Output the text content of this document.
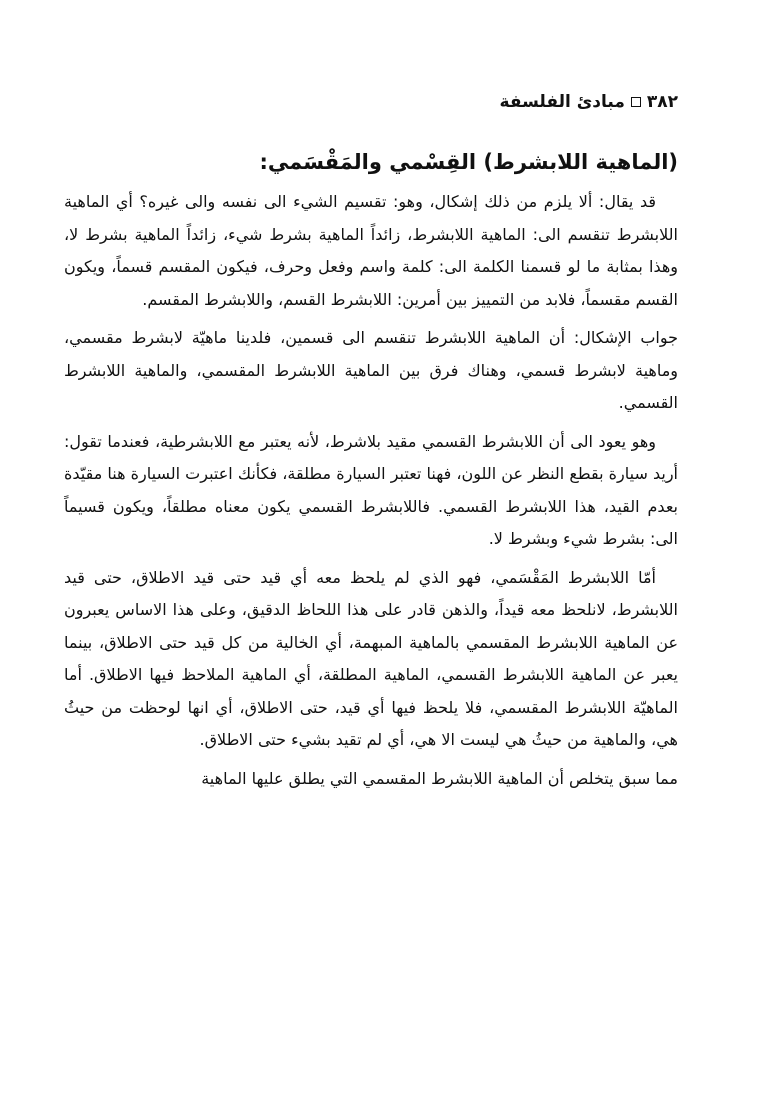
٣٨٢
مبادئ الفلسفة
(الماهية اللابشرط) القِسْمي والمَقْسَمي:

قد يقال: ألا يلزم من ذلك إشكال، وهو: تقسيم الشيء الى نفسه والى غيره؟ أي الماهية اللابشرط تنقسم الى: الماهية اللابشرط، زائداً الماهية بشرط شيء، زائداً الماهية بشرط لا، وهذا بمثابة ما لو قسمنا الكلمة الى: كلمة واسم وفعل وحرف، فيكون المقسم قسماً، ويكون القسم مقسماً، فلابد من التمييز بين أمرين: اللابشرط القسم، واللابشرط المقسم.

جواب الإشكال: أن الماهية اللابشرط تنقسم الى قسمين، فلدينا ماهيّة لابشرط مقسمي، وماهية لابشرط قسمي، وهناك فرق بين الماهية اللابشرط المقسمي، والماهية اللابشرط القسمي.

وهو يعود الى أن اللابشرط القسمي مقيد بلاشرط، لأنه يعتبر مع اللابشرطية، فعندما تقول: أريد سيارة بقطع النظر عن اللون، فهنا تعتبر السيارة مطلقة، فكأنك اعتبرت السيارة هنا مقيّدة بعدم القيد، هذا اللابشرط القسمي. فاللابشرط القسمي يكون معناه مطلقاً، ويكون قسيماً الى: بشرط شيء وبشرط لا.

أمّا اللابشرط المَقْسَمي، فهو الذي لم يلحظ معه أي قيد حتى قيد الاطلاق، حتى قيد اللابشرط، لانلحظ معه قيداً، والذهن قادر على هذا اللحاظ الدقيق، وعلى هذا الاساس يعبرون عن الماهية اللابشرط المقسمي بالماهية المبهمة، أي الخالية من كل قيد حتى الاطلاق، بينما يعبر عن الماهية اللابشرط القسمي، الماهية المطلقة، أي الماهية الملاحظ فيها الاطلاق. أما الماهيّة اللابشرط المقسمي، فلا يلحظ فيها أي قيد، حتى الاطلاق، أي انها لوحظت من حيثُ هي، والماهية من حيثُ هي ليست الا هي، أي لم تقيد بشيء حتى الاطلاق.

مما سبق يتخلص أن الماهية اللابشرط المقسمي التي يطلق عليها الماهية
